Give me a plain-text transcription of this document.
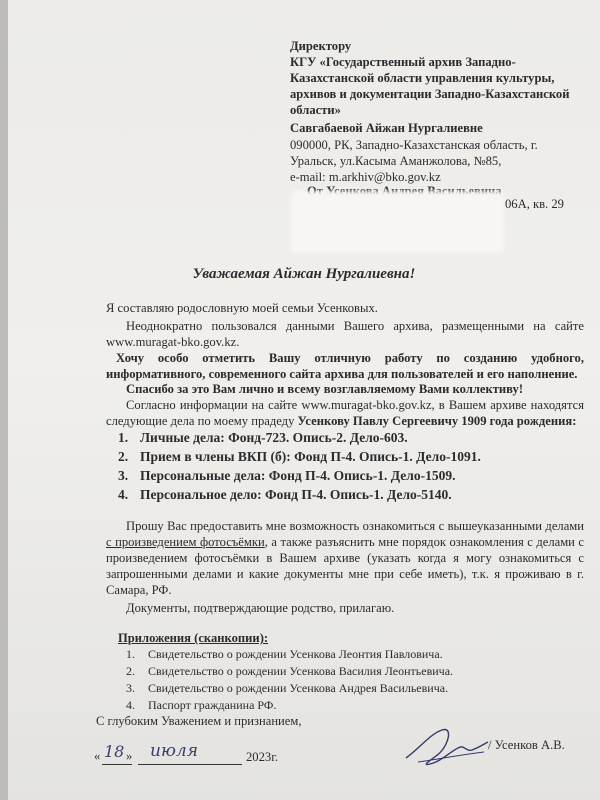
Директору
КГУ «Государственный архив Западно-
Казахстанской области управления культуры,
архивов и документации Западно-Казахстанской
области»
Савгабаевой Айжан Нургалиевне
090000, РК, Западно-Казахстанская область, г.
Уральск, ул.Касыма Аманжолова, №85,
e-mail: m.arkhiv@bko.gov.kz
06А, кв. 29
Уважаемая Айжан Нургалиевна!
Я составляю родословную моей семьи Усенковых.
Неоднократно пользовался данными Вашего архива, размещенными на сайте www.muragat-bko.gov.kz.
Хочу особо отметить Вашу отличную работу по созданию удобного, информативного, современного сайта архива для пользователей и его наполнение.
Спасибо за это Вам лично и всему возглавляемому Вами коллективу!
Согласно информации на сайте www.muragat-bko.gov.kz, в Вашем архиве находятся следующие дела по моему прадеду Усенкову Павлу Сергеевичу 1909 года рождения:
1. Личные дела: Фонд-723. Опись-2. Дело-603.
2. Прием в члены ВКП (б): Фонд П-4. Опись-1. Дело-1091.
3. Персональные дела: Фонд П-4. Опись-1. Дело-1509.
4. Персональное дело: Фонд П-4. Опись-1. Дело-5140.
Прошу Вас предоставить мне возможность ознакомиться с вышеуказанными делами с произведением фотосъёмки, а также разъяснить мне порядок ознакомления с делами с произведением фотосъёмки в Вашем архиве (указать когда я могу ознакомиться с запрошенными делами и какие документы мне при себе иметь), т.к. я проживаю в г. Самара, РФ.
Документы, подтверждающие родство, прилагаю.
Приложения (сканкопии):
1. Свидетельство о рождении Усенкова Леонтия Павловича.
2. Свидетельство о рождении Усенкова Василия Леонтьевича.
3. Свидетельство о рождении Усенкова Андрея Васильевича.
4. Паспорт гражданина РФ.
С глубоким Уважением и признанием,
« 18 » июля	2023г.
/ Усенков А.В.
